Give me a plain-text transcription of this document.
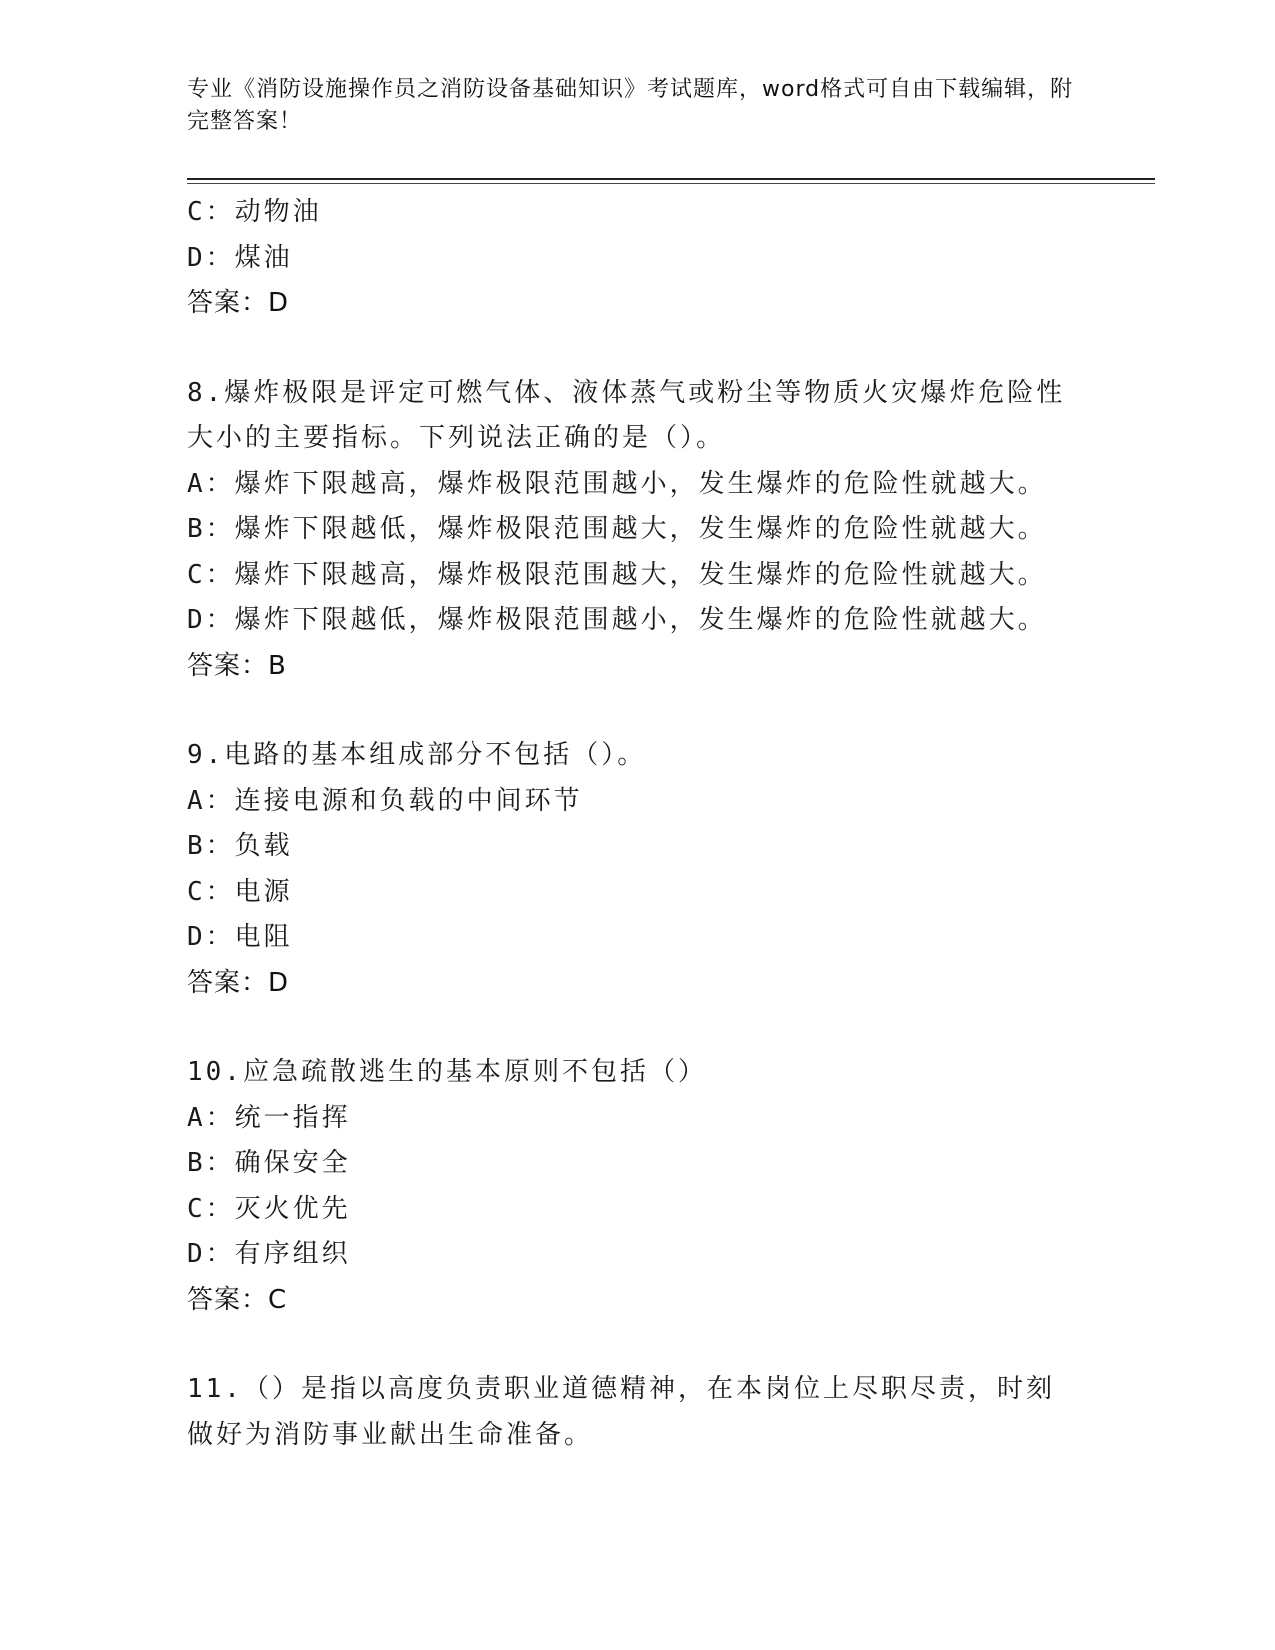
专业《消防设施操作员之消防设备基础知识》考试题库，word格式可自由下载编辑，附完整答案！
C：动物油
D：煤油
答案：D
8.爆炸极限是评定可燃气体、液体蒸气或粉尘等物质火灾爆炸危险性大小的主要指标。下列说法正确的是（）。
A：爆炸下限越高，爆炸极限范围越小，发生爆炸的危险性就越大。
B：爆炸下限越低，爆炸极限范围越大，发生爆炸的危险性就越大。
C：爆炸下限越高，爆炸极限范围越大，发生爆炸的危险性就越大。
D：爆炸下限越低，爆炸极限范围越小，发生爆炸的危险性就越大。
答案：B
9.电路的基本组成部分不包括（）。
A：连接电源和负载的中间环节
B：负载
C：电源
D：电阻
答案：D
10.应急疏散逃生的基本原则不包括（）
A：统一指挥
B：确保安全
C：灭火优先
D：有序组织
答案：C
11.（）是指以高度负责职业道德精神，在本岗位上尽职尽责，时刻做好为消防事业献出生命准备。
